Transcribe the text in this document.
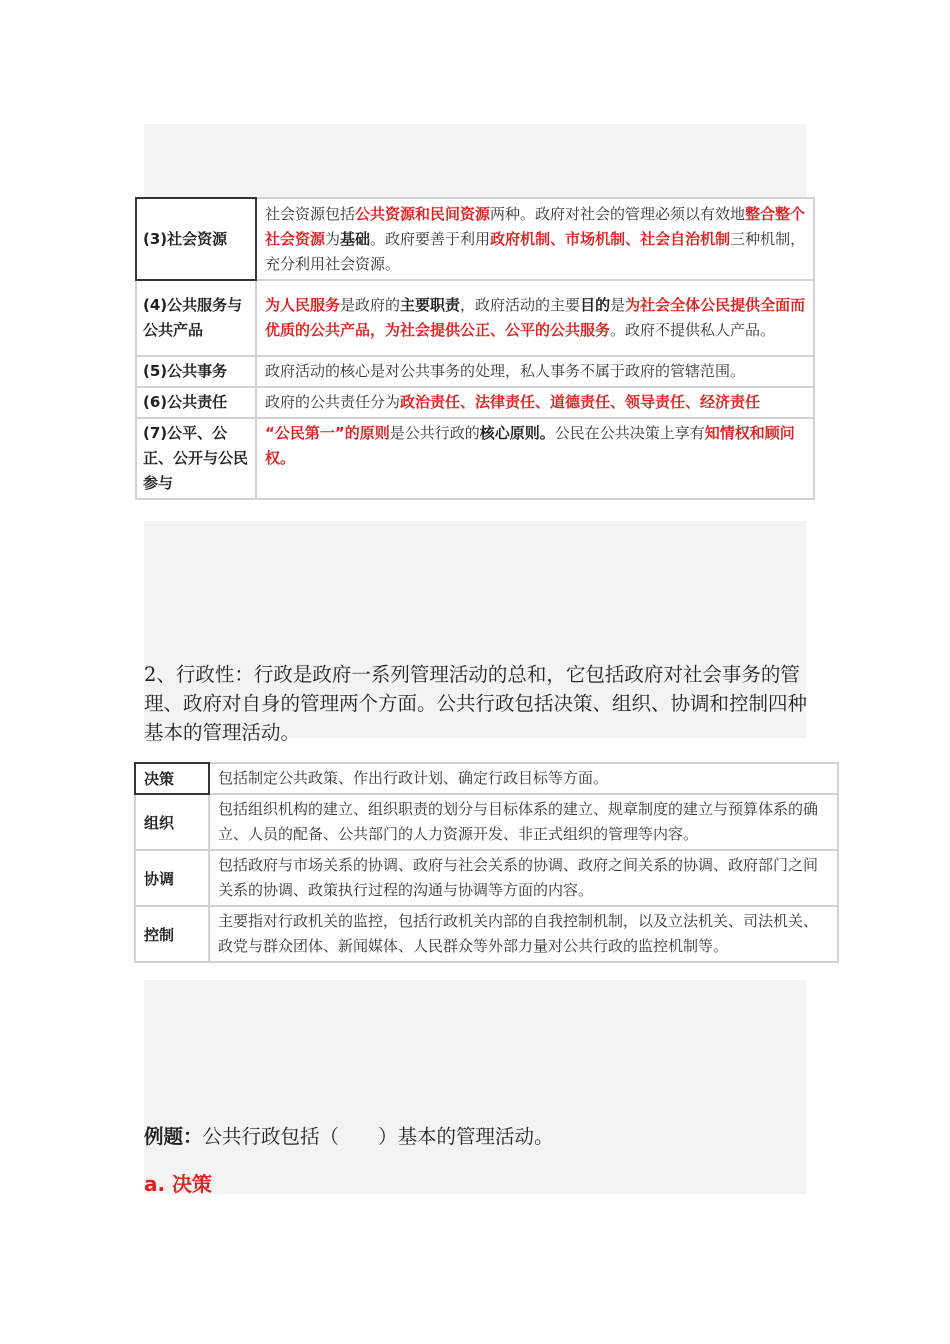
(3)社会资源	社会资源包括公共资源和民间资源两种。政府对社会的管理必须以有效地整合整个社会资源为基础。政府要善于利用政府机制、市场机制、社会自治机制三种机制，充分利用社会资源。
(4)公共服务与公共产品	为人民服务是政府的主要职责，政府活动的主要目的是为社会全体公民提供全面而优质的公共产品，为社会提供公正、公平的公共服务。政府不提供私人产品。
(5)公共事务	政府活动的核心是对公共事务的处理，私人事务不属于政府的管辖范围。
(6)公共责任	政府的公共责任分为政治责任、法律责任、道德责任、领导责任、经济责任
(7)公平、公正、公开与公民参与	“公民第一”的原则是公共行政的核心原则。公民在公共决策上享有知情权和顾问权。

2、行政性：行政是政府一系列管理活动的总和，它包括政府对社会事务的管理、政府对自身的管理两个方面。公共行政包括决策、组织、协调和控制四种基本的管理活动。

决策	包括制定公共政策、作出行政计划、确定行政目标等方面。
组织	包括组织机构的建立、组织职责的划分与目标体系的建立、规章制度的建立与预算体系的确立、人员的配备、公共部门的人力资源开发、非正式组织的管理等内容。
协调	包括政府与市场关系的协调、政府与社会关系的协调、政府之间关系的协调、政府部门之间关系的协调、政策执行过程的沟通与协调等方面的内容。
控制	主要指对行政机关的监控，包括行政机关内部的自我控制机制，以及立法机关、司法机关、政党与群众团体、新闻媒体、人民群众等外部力量对公共行政的监控机制等。

例题：公共行政包括（　　）基本的管理活动。

a. 决策
